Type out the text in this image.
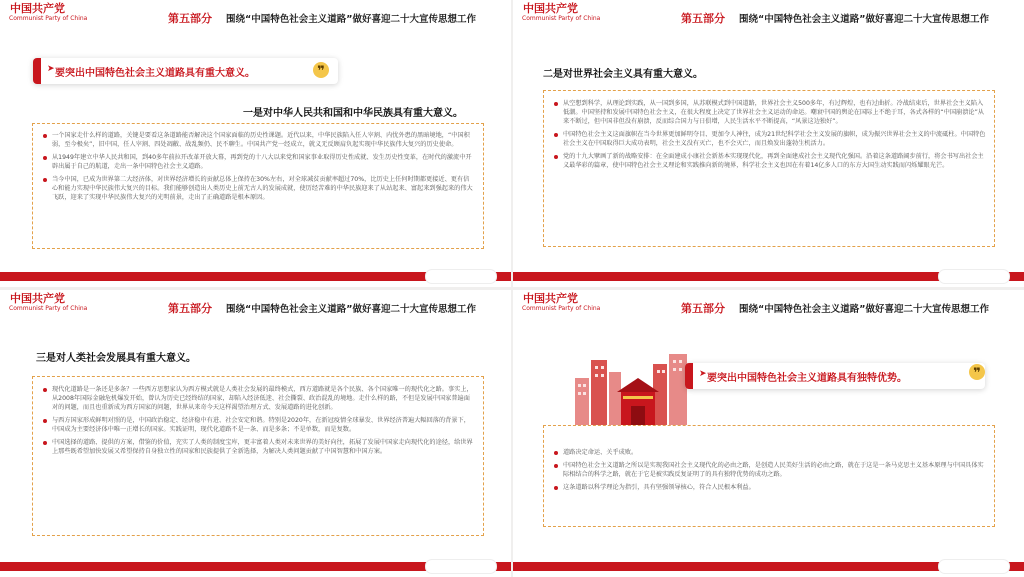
中国共产党
Communist Party of China	第五部分 围绕“中国特色社会主义道路”做好喜迎二十大宣传思想工作
➤ 要突出中国特色社会主义道路具有重大意义。	❞
一是对中华人民共和国和中华民族具有重大意义。
一个国家走什么样的道路，关键是要看这条道路能否解决这个国家面临的历史性课题。近代以来，中华民族陷入任人宰割、内忧外患的黑暗境地，“中国积弱，至今极矣”，旧中国，任人宰割、四处凋敝、战乱频仍、民不聊生。中国共产党一经成立，就义无反顾肩负起实现中华民族伟大复兴的历史使命。
从1949年建立中华人民共和国，到40多年前拉开改革开放大幕，再到党的十八大以来党和国家事业取得历史性成就、发生历史性变革，在时代的激流中开辟出属于自己的航道，走出一条中国特色社会主义道路。
当今中国，已成为世界第二大经济体，对世界经济增长的贡献总体上保持在30%左右，对全球减贫贡献率超过70%，比历史上任何时期都更接近、更有信心和能力实现中华民族伟大复兴的目标。我们能够创造出人类历史上前无古人的发展成就，使历经苦难的中华民族迎来了从站起来、富起来到强起来的伟大飞跃，迎来了实现中华民族伟大复兴的光明前景，走出了正确道路是根本原因。
中国共产党
Communist Party of China	第五部分 围绕“中国特色社会主义道路”做好喜迎二十大宣传思想工作
二是对世界社会主义具有重大意义。
从空想到科学，从理论到实践，从一国到多国，从苏联模式到中国道路，世界社会主义500多年，有过辉煌，也有过曲折。冷战结束后，世界社会主义陷入低潮。中国坚持和发展中国特色社会主义，在很大程度上决定了世界社会主义运动的命运。嘲衰中国的舆论在国际上不绝于耳，各式各样的“中国崩溃论”从来不断过，但中国非但没有崩溃，反而综合国力与日俱增，人民生活水平不断提高，“风景这边独好”。
中国特色社会主义这面旗帜在当今世界更加鲜明夺目、更加令人神往，成为21世纪科学社会主义发展的旗帜，成为振兴世界社会主义的中流砥柱。中国特色社会主义在中国取得巨大成功表明，社会主义没有灭亡，也不会灭亡，而且焕发出蓬勃生机活力。
党的十九大擘画了新的战略安排：在全面建成小康社会新基本实现现代化，再到全面建成社会主义现代化强国。沿着这条道路阔步前行，将会书写出社会主义最华彩的篇章，使中国特色社会主义理论和实践推向新的境界，科学社会主义也因在有着14亿多人口的东方大国生动实践而闪烁耀眼光芒。
中国共产党
Communist Party of China	第五部分 围绕“中国特色社会主义道路”做好喜迎二十大宣传思想工作
三是对人类社会发展具有重大意义。
现代化道路是一条还是多条？一些西方思想家认为西方模式就是人类社会发展的最终模式，西方道路就是各个民族、各个国家唯一的现代化之路。事实上，从2008年国际金融危机爆发开始，曾认为历史已经终结的国家，却陷入经济低迷、社会撕裂、政治混乱的境地。走什么样的路，不但是发展中国家普遍面对的问题，而且也重新成为西方国家的问题，世界从来奇今天这样渴望治理方式、发展道路的进化创新。
与西方国家形成鲜明对照的是，中国政治稳定、经济稳中有进、社会安定和谐。特别是2020年，在新冠疫情全球暴发、世界经济普遍大幅回落的背景下，中国成为主要经济体中唯一正增长的国家。实践证明，现代化道路不是一条、而是多条；不是单数，而是复数。
中国选择的道路、提供的方案，借鉴的价值，充实了人类的制度宝库，更丰富着人类对未来世界的美好向往，拓展了发展中国家走向现代化的途径，给世界上那些既希望加快发展又希望保持自身独立性的国家和民族提供了全新选择，为解决人类问题贡献了中国智慧和中国方案。
中国共产党
Communist Party of China	第五部分 围绕“中国特色社会主义道路”做好喜迎二十大宣传思想工作
➤ 要突出中国特色社会主义道路具有独特优势。	❞
道路决定命运、关乎成败。
中国特色社会主义道路之所以是实现我国社会主义现代化的必由之路，是创造人民美好生活的必由之路，就在于这是一条马克思主义基本原理与中国具体实际相结合的科学之路，就在于它是被实践反复证明了的具有独特优势的成功之路。
这条道路以科学理论为指引，具有坚强领导核心，符合人民根本利益。
